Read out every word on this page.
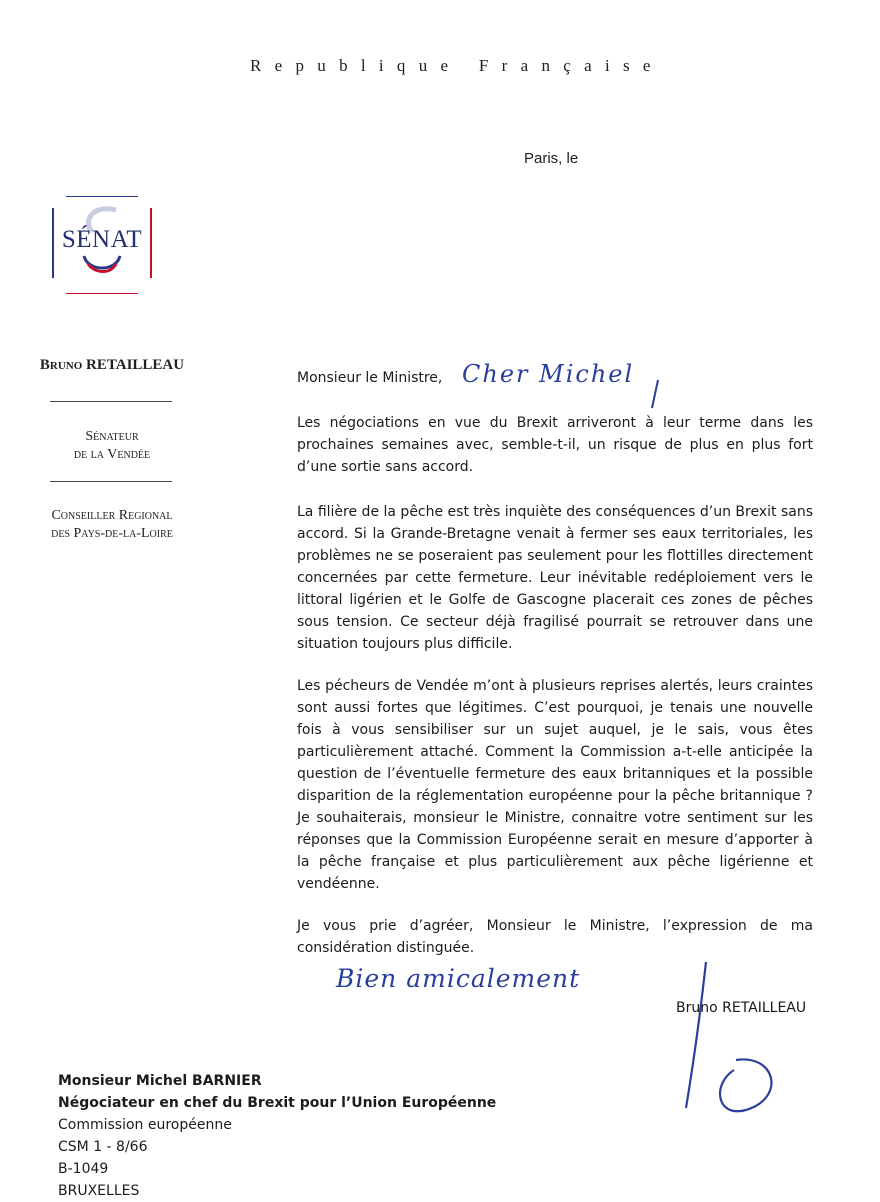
Republique Française
Paris, le
SÉNAT
Bruno RETAILLEAU
Sénateur
de la Vendée
Conseiller Regional
des Pays-de-la-Loire
Monsieur le Ministre, Cher Michel

Les négociations en vue du Brexit arriveront à leur terme dans les prochaines semaines avec, semble-t-il, un risque de plus en plus fort d’une sortie sans accord.

La filière de la pêche est très inquiète des conséquences d’un Brexit sans accord. Si la Grande-Bretagne venait à fermer ses eaux territoriales, les problèmes ne se poseraient pas seulement pour les flottilles directement concernées par cette fermeture. Leur inévitable redéploiement vers le littoral ligérien et le Golfe de Gascogne placerait ces zones de pêches sous tension. Ce secteur déjà fragilisé pourrait se retrouver dans une situation toujours plus difficile.

Les pécheurs de Vendée m’ont à plusieurs reprises alertés, leurs craintes sont aussi fortes que légitimes. C’est pourquoi, je tenais une nouvelle fois à vous sensibiliser sur un sujet auquel, je le sais, vous êtes particulièrement attaché. Comment la Commission a-t-elle anticipée la question de l’éventuelle fermeture des eaux britanniques et la possible disparition de la réglementation européenne pour la pêche britannique ? Je souhaiterais, monsieur le Ministre, connaitre votre sentiment sur les réponses que la Commission Européenne serait en mesure d’apporter à la pêche française et plus particulièrement aux pêche ligérienne et vendéenne.

Je vous prie d’agréer, Monsieur le Ministre, l’expression de ma considération distinguée.

Bien amicalement
Bruno RETAILLEAU
Monsieur Michel BARNIER
Négociateur en chef du Brexit pour l’Union Européenne
Commission européenne
CSM 1 - 8/66
B-1049
BRUXELLES
